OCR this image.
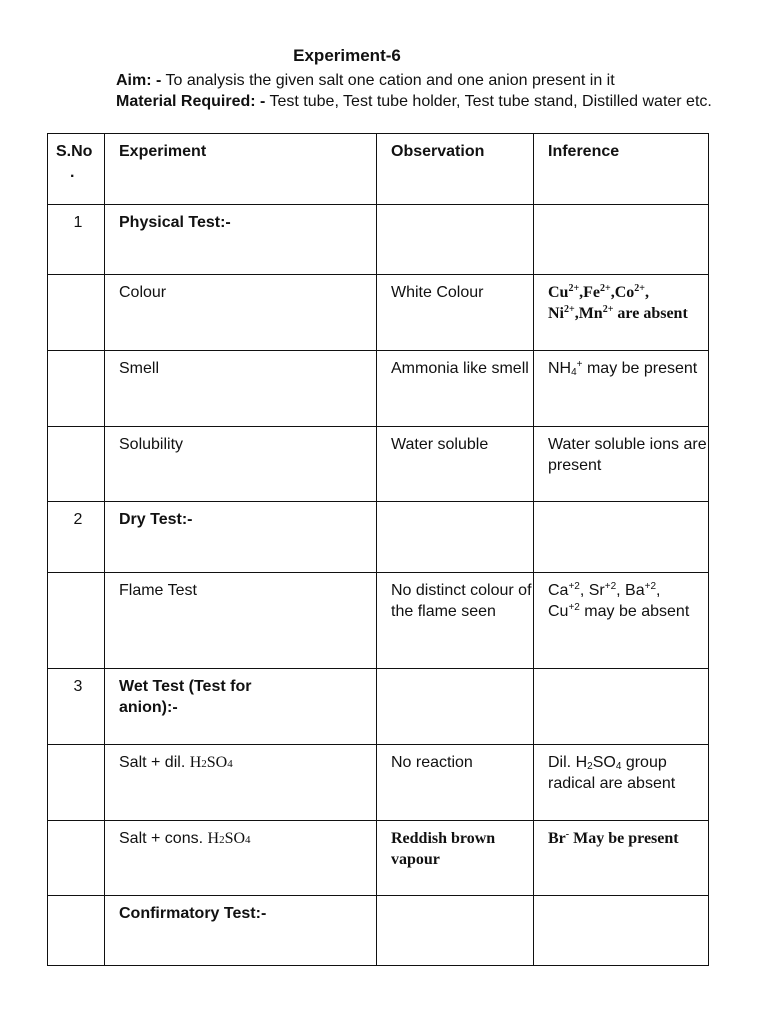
Experiment-6
Aim: - To analysis the given salt one cation and one anion present in it
Material Required: - Test tube, Test tube holder, Test tube stand, Distilled water etc.
S.No
.	Experiment	Observation	Inference

1	Physical Test:-		

	Colour	White Colour	$Cu^{2+},Fe^{2+},Co^{2+}$,
$Ni^{2+},Mn^{2+}$ are absent

	Smell	Ammonia like smell	$NH_4^+$ may be present

	Solubility	Water soluble	Water soluble ions are present

2	Dry Test:-		

	Flame Test	No distinct colour of the flame seen	$Ca^{+2}$, $Sr^{+2}$, $Ba^{+2}$,
$Cu^{+2}$ may be absent

3	Wet Test (Test for anion):-		

	Salt + dil. H2SO4	No reaction	Dil. $H_2SO_4$ group radical are absent

	Salt + cons. H2SO4	Reddish brown vapour	Br- May be present

	Confirmatory Test:-		
